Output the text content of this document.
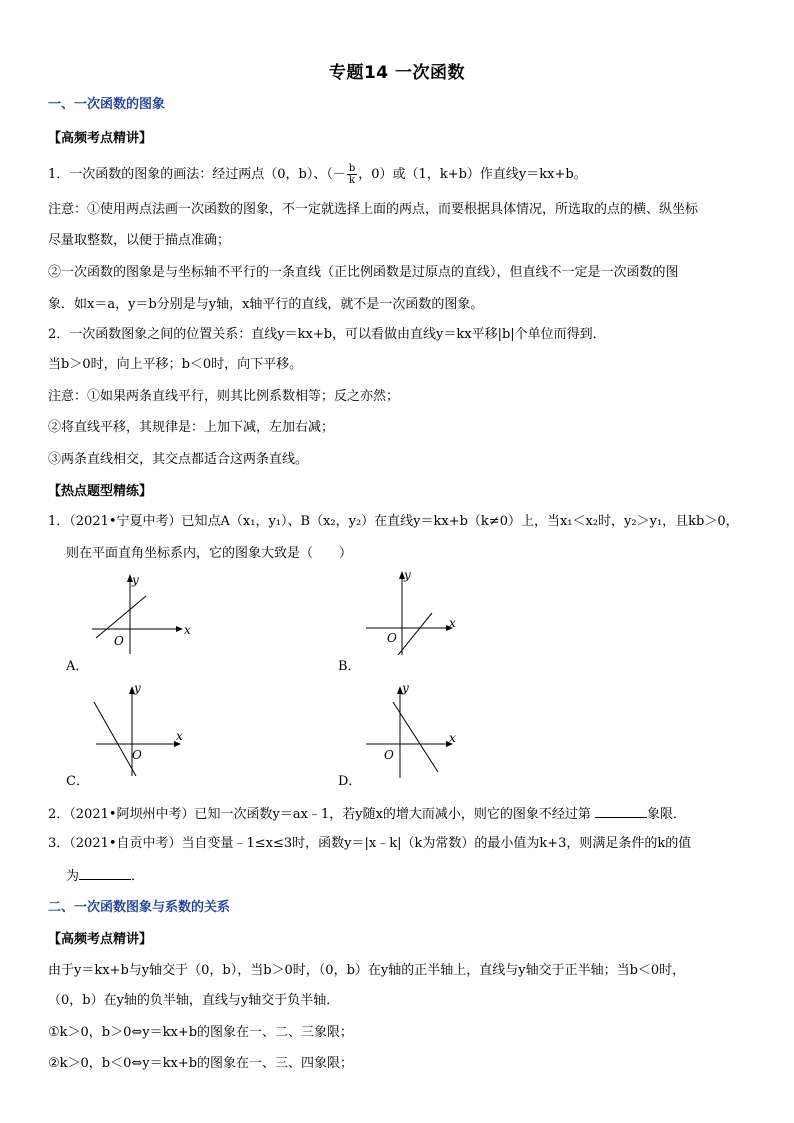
专题14 一次函数
一、一次函数的图象
【高频考点精讲】
1．一次函数的图象的画法：经过两点（0，b）、（－ $\frac{b}{k}$ ，0）或（1，k+b）作直线y＝kx+b。
注意：①使用两点法画一次函数的图象，不一定就选择上面的两点，而要根据具体情况，所选取的点的横、纵坐标
尽量取整数，以便于描点准确；
②一次函数的图象是与坐标轴不平行的一条直线（正比例函数是过原点的直线），但直线不一定是一次函数的图
象．如x＝a，y＝b分别是与y轴，x轴平行的直线，就不是一次函数的图象。
2．一次函数图象之间的位置关系：直线y＝kx+b，可以看做由直线y＝kx平移|b|个单位而得到．
当b＞0时，向上平移；b＜0时，向下平移。
注意：①如果两条直线平行，则其比例系数相等；反之亦然；
②将直线平移，其规律是：上加下减，左加右减；
③两条直线相交，其交点都适合这两条直线。
【热点题型精练】
1．（2021•宁夏中考）已知点A（x₁，y₁）、B（x₂，y₂）在直线y＝kx+b（k≠0）上，当x₁＜x₂时，y₂＞y₁，且kb＞0，
则在平面直角坐标系内，它的图象大致是（　　）
y
x
O
A．
y
x
O
B．
y
x
O
C．
y
x
O
D．
2．（2021•阿坝州中考）已知一次函数y＝ax﹣1，若y随x的增大而减小，则它的图象不经过第	象限．
3．（2021•自贡中考）当自变量﹣1≤x≤3时，函数y＝|x﹣k|（k为常数）的最小值为k+3，则满足条件的k的值
为	．
二、一次函数图象与系数的关系
【高频考点精讲】
由于y＝kx+b与y轴交于（0，b），当b＞0时，（0，b）在y轴的正半轴上，直线与y轴交于正半轴；当b＜0时，
（0，b）在y轴的负半轴，直线与y轴交于负半轴．
①k＞0，b＞0⇔y＝kx+b的图象在一、二、三象限；
②k＞0，b＜0⇔y＝kx+b的图象在一、三、四象限；
